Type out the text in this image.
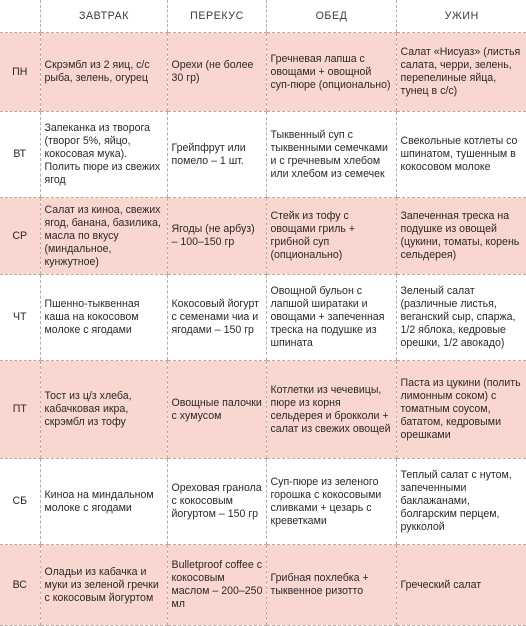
	ЗАВТРАК	ПЕРЕКУС	ОБЕД	УЖИН
ПН	Скрэмбл из 2 яиц, с/с рыба, зелень, огурец	Орехи (не более 30 гр)	Гречневая лапша с овощами + овощной суп-пюре (опционально)	Салат «Нисуаз» (листья салата, черри, зелень, перепелиные яйца, тунец в с/с)
ВТ	Запеканка из творога (творог 5%, яйцо, кокосовая мука). Полить пюре из свежих ягод	Грейпфрут или помело – 1 шт.	Тыквенный суп с тыквенными семечками и с гречневым хлебом или хлебом из семечек	Свекольные котлеты со шпинатом, тушенным в кокосовом молоке
СР	Салат из киноа, свежих ягод, банана, базилика, масла по вкусу (миндальное, кунжутное)	Ягоды (не арбуз) – 100–150 гр	Стейк из тофу с овощами гриль + грибной суп (опционально)	Запеченная треска на подушке из овощей (цукини, томаты, корень сельдерея)
ЧТ	Пшенно-тыквенная каша на кокосовом молоке с ягодами	Кокосовый йогурт с семенами чиа и ягодами – 150 гр	Овощной бульон с лапшой ширатаки и овощами + запеченная треска на подушке из шпината	Зеленый салат (различные листья, веганский сыр, спаржа, 1/2 яблока, кедровые орешки, 1/2 авокадо)
ПТ	Тост из ц/з хлеба, кабачковая икра, скрэмбл из тофу	Овощные палочки с хумусом	Котлетки из чечевицы, пюре из корня сельдерея и брокколи + салат из свежих овощей	Паста из цукини (полить лимонным соком) с томатным соусом, бататом, кедровыми орешками
СБ	Киноа на миндальном молоке с ягодами	Ореховая гранола с кокосовым йогуртом – 150 гр	Суп-пюре из зеленого горошка с кокосовыми сливками + цезарь с креветками	Теплый салат с нутом, запеченными баклажанами, болгарским перцем, рукколой
ВС	Оладьи из кабачка и муки из зеленой гречки с кокосовым йогуртом	Bulletproof coffee с кокосовым маслом – 200–250 мл	Грибная похлебка + тыквенное ризотто	Греческий салат
